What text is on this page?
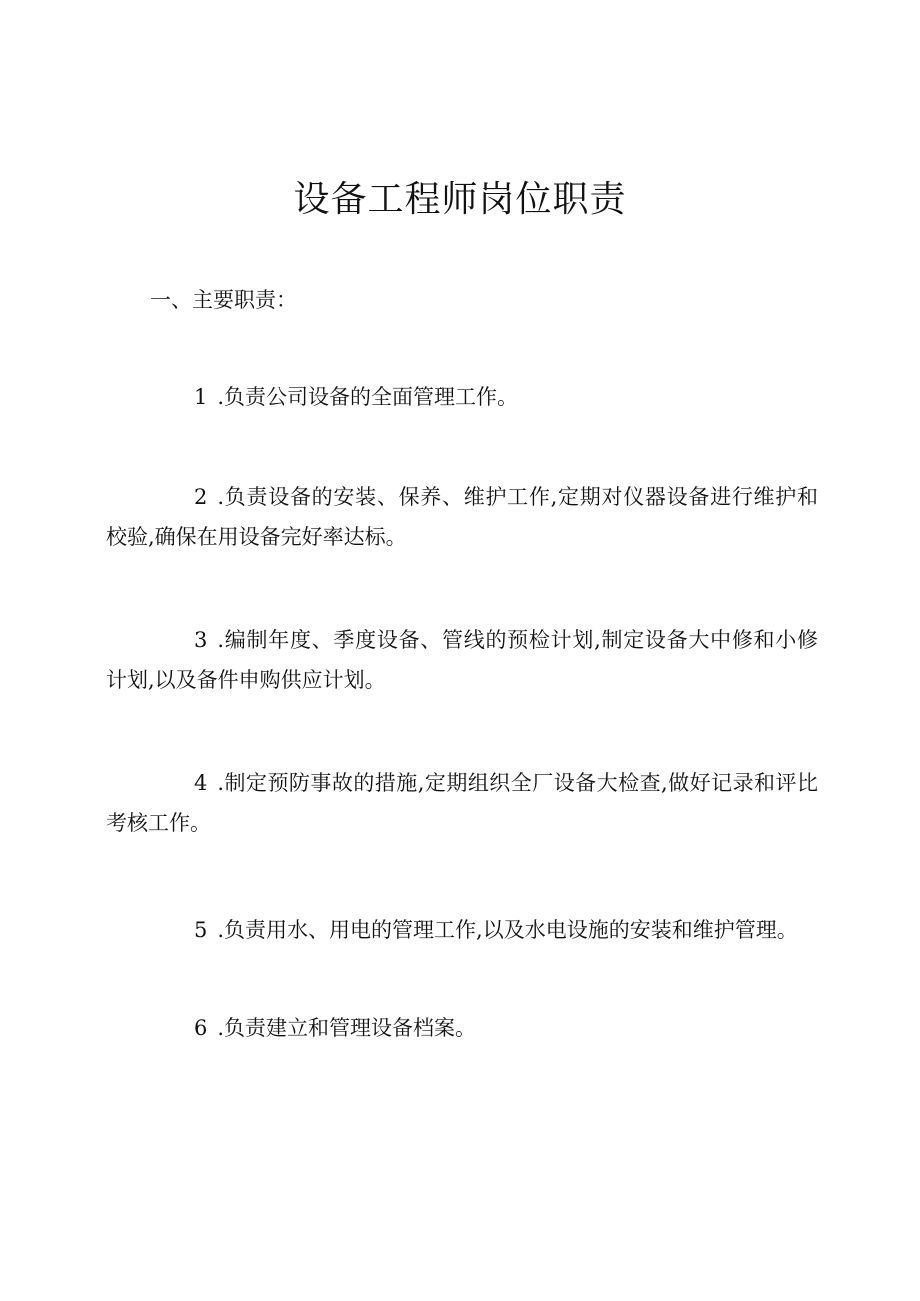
设备工程师岗位职责

一、主要职责：

1 .负责公司设备的全面管理工作。

2 .负责设备的安装、保养、维护工作,定期对仪器设备进行维护和校验,确保在用设备完好率达标。

3 .编制年度、季度设备、管线的预检计划,制定设备大中修和小修计划,以及备件申购供应计划。

4 .制定预防事故的措施,定期组织全厂设备大检查,做好记录和评比考核工作。

5 .负责用水、用电的管理工作,以及水电设施的安装和维护管理。

6 .负责建立和管理设备档案。
